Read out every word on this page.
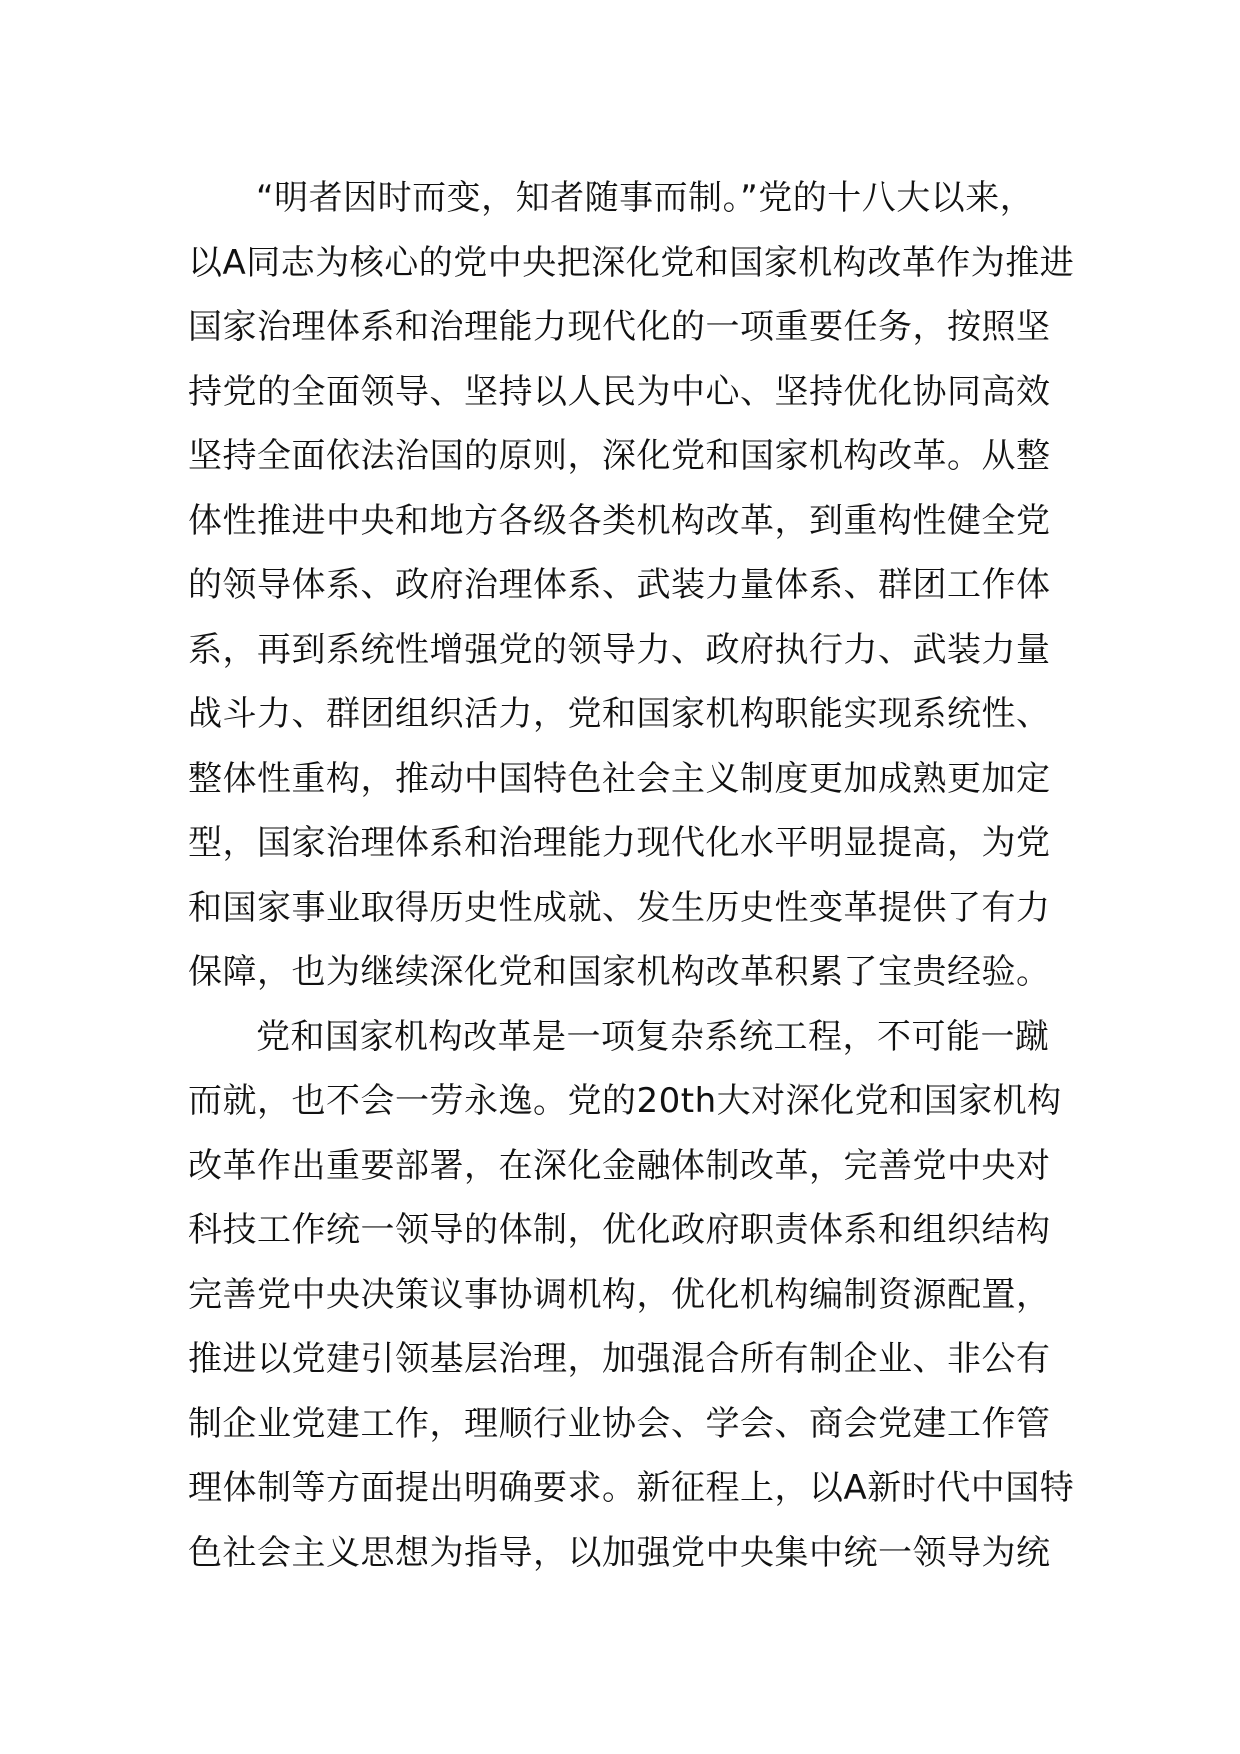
“明者因时而变，知者随事而制。”党的十八大以来，
以A同志为核心的党中央把深化党和国家机构改革作为推进
国家治理体系和治理能力现代化的一项重要任务，按照坚
持党的全面领导、坚持以人民为中心、坚持优化协同高效
坚持全面依法治国的原则，深化党和国家机构改革。从整
体性推进中央和地方各级各类机构改革，到重构性健全党
的领导体系、政府治理体系、武装力量体系、群团工作体
系，再到系统性增强党的领导力、政府执行力、武装力量
战斗力、群团组织活力，党和国家机构职能实现系统性、
整体性重构，推动中国特色社会主义制度更加成熟更加定
型，国家治理体系和治理能力现代化水平明显提高，为党
和国家事业取得历史性成就、发生历史性变革提供了有力
保障，也为继续深化党和国家机构改革积累了宝贵经验。
党和国家机构改革是一项复杂系统工程，不可能一蹴
而就，也不会一劳永逸。党的20th大对深化党和国家机构
改革作出重要部署，在深化金融体制改革，完善党中央对
科技工作统一领导的体制，优化政府职责体系和组织结构
完善党中央决策议事协调机构，优化机构编制资源配置，
推进以党建引领基层治理，加强混合所有制企业、非公有
制企业党建工作，理顺行业协会、学会、商会党建工作管
理体制等方面提出明确要求。新征程上，以A新时代中国特
色社会主义思想为指导，以加强党中央集中统一领导为统
